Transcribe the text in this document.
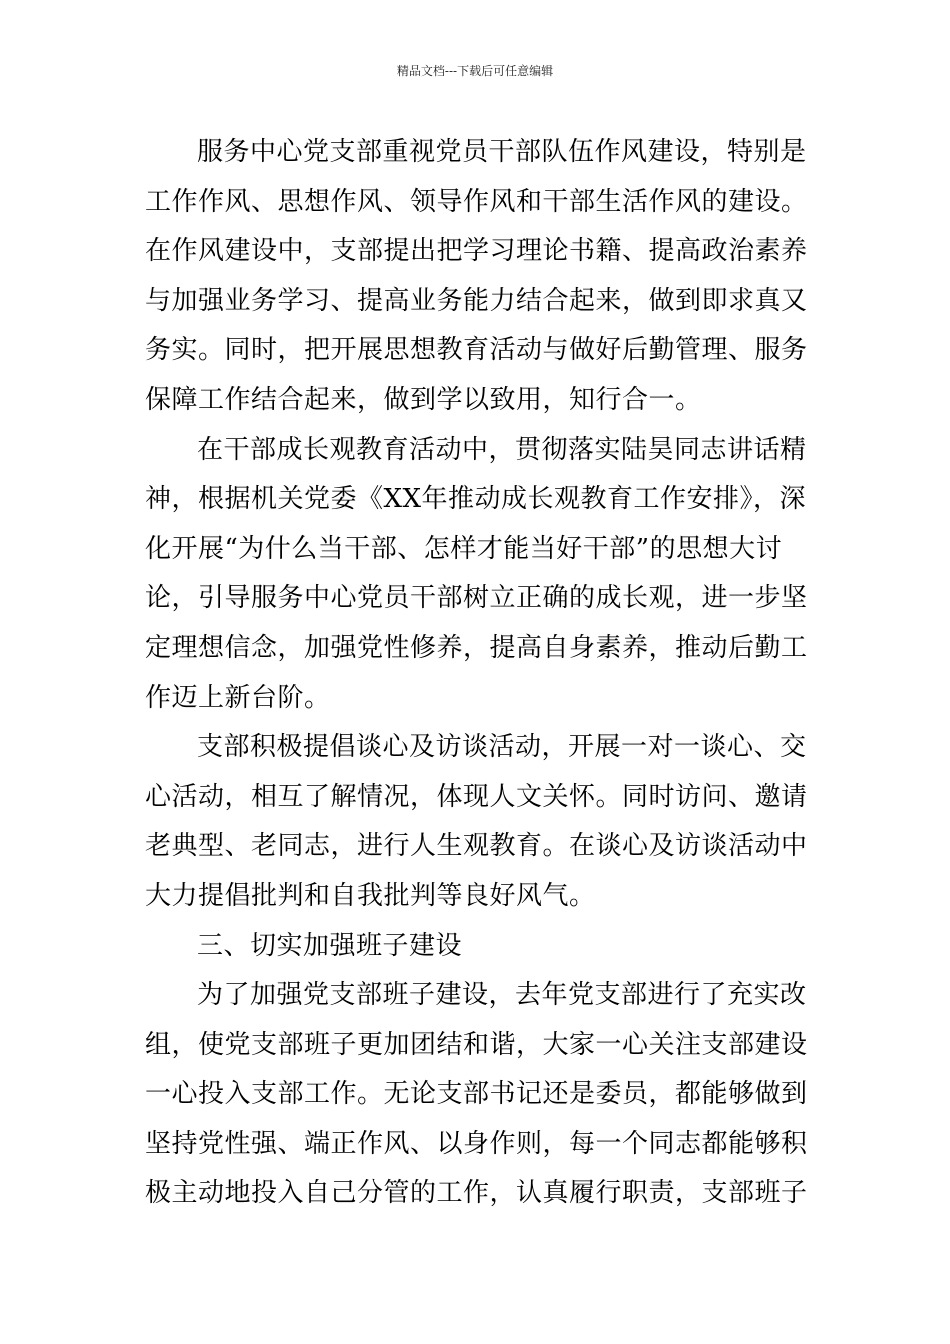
精品文档---下载后可任意编辑
服务中心党支部重视党员干部队伍作风建设，特别是
工作作风、思想作风、领导作风和干部生活作风的建设。
在作风建设中，支部提出把学习理论书籍、提高政治素养
与加强业务学习、提高业务能力结合起来，做到即求真又
务实。同时，把开展思想教育活动与做好后勤管理、服务
保障工作结合起来，做到学以致用，知行合一。
在干部成长观教育活动中，贯彻落实陆昊同志讲话精
神，根据机关党委《XX年推动成长观教育工作安排》，深
化开展“为什么当干部、怎样才能当好干部”的思想大讨
论，引导服务中心党员干部树立正确的成长观，进一步坚
定理想信念，加强党性修养，提高自身素养，推动后勤工
作迈上新台阶。
支部积极提倡谈心及访谈活动，开展一对一谈心、交
心活动，相互了解情况，体现人文关怀。同时访问、邀请
老典型、老同志，进行人生观教育。在谈心及访谈活动中
大力提倡批判和自我批判等良好风气。
三、切实加强班子建设
为了加强党支部班子建设，去年党支部进行了充实改
组，使党支部班子更加团结和谐，大家一心关注支部建设
一心投入支部工作。无论支部书记还是委员，都能够做到
坚持党性强、端正作风、以身作则，每一个同志都能够积
极主动地投入自己分管的工作，认真履行职责，支部班子
